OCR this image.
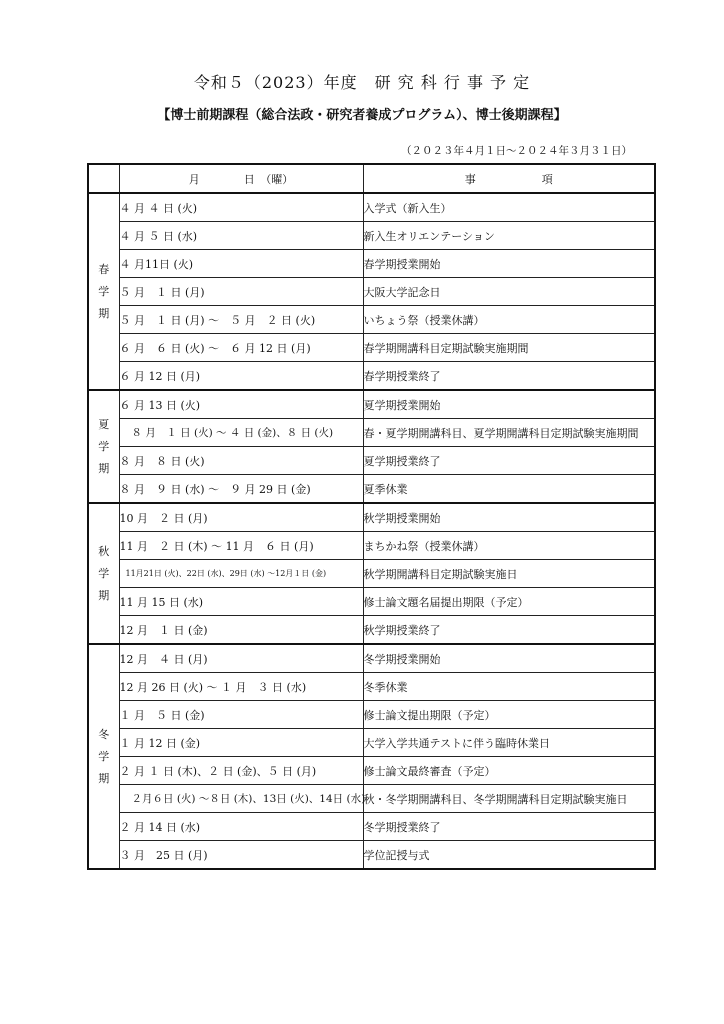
令和５（2023）年度　研 究 科 行 事 予 定
【博士前期課程（総合法政・研究者養成プログラム）、博士後期課程】
（２０２３年４月１日～２０２４年３月３１日）
	月　　　　日　（曜）	事　　　　　　項

春
学
期	４ 月 ４ 日 (火)	入学式（新入生）
	４ 月 ５ 日 (水)	新入生オリエンテーション
	４ 月11日 (火)	春学期授業開始
	５ 月　１ 日 (月)	大阪大学記念日
	５ 月　１ 日 (月) ～　５ 月　２ 日 (火)	いちょう祭（授業休講）
	６ 月　６ 日 (火) ～　６ 月 12 日 (月)	春学期開講科目定期試験実施期間
	６ 月 12 日 (月)	春学期授業終了

夏
学
期	６ 月 13 日 (火)	夏学期授業開始
	８ 月　１ 日 (火) ～ ４ 日 (金)、８ 日 (火)	春・夏学期開講科目、夏学期開講科目定期試験実施期間
	８ 月　８ 日 (火)	夏学期授業終了
	８ 月　９ 日 (水) ～　９ 月 29 日 (金)	夏季休業

秋
学
期	10 月　２ 日 (月)	秋学期授業開始
	11 月　２ 日 (木) ～ 11 月　６ 日 (月)	まちかね祭（授業休講）
	11月21日 (火)、22日 (水)、29日 (水) ～12月１日 (金)	秋学期開講科目定期試験実施日
	11 月 15 日 (水)	修士論文題名届提出期限（予定）
	12 月　１ 日 (金)	秋学期授業終了

冬
学
期	12 月　４ 日 (月)	冬学期授業開始
	12 月 26 日 (火) ～ １ 月　３ 日 (水)	冬季休業
	１ 月　５ 日 (金)	修士論文提出期限（予定）
	１ 月 12 日 (金)	大学入学共通テストに伴う臨時休業日
	２ 月 １ 日 (木)、２ 日 (金)、５ 日 (月)	修士論文最終審査（予定）
	２月６日 (火) ～８日 (木)、13日 (火)、14日 (水)	秋・冬学期開講科目、冬学期開講科目定期試験実施日
	２ 月 14 日 (水)	冬学期授業終了
	３ 月　25 日 (月)	学位記授与式
